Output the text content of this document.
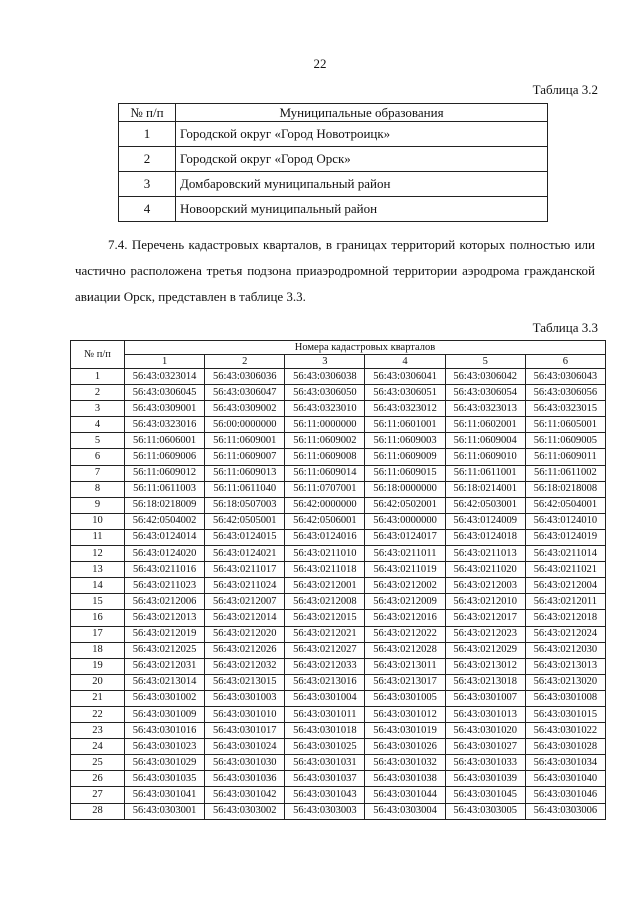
22
Таблица 3.2
№ п/п	Муниципальные образования
1	Городской округ «Город Новотроицк»
2	Городской округ «Город Орск»
3	Домбаровский муниципальный район
4	Новоорский муниципальный район

7.4. Перечень кадастровых кварталов, в границах территорий которых полностью или частично расположена третья подзона приаэродромной территории аэродрома гражданской авиации Орск, представлен в таблице 3.3.

Таблица 3.3
№ п/п	Номера кадастровых кварталов					
	1	2	3	4	5	6
1	56:43:0323014	56:43:0306036	56:43:0306038	56:43:0306041	56:43:0306042	56:43:0306043
2	56:43:0306045	56:43:0306047	56:43:0306050	56:43:0306051	56:43:0306054	56:43:0306056
3	56:43:0309001	56:43:0309002	56:43:0323010	56:43:0323012	56:43:0323013	56:43:0323015
4	56:43:0323016	56:00:0000000	56:11:0000000	56:11:0601001	56:11:0602001	56:11:0605001
5	56:11:0606001	56:11:0609001	56:11:0609002	56:11:0609003	56:11:0609004	56:11:0609005
6	56:11:0609006	56:11:0609007	56:11:0609008	56:11:0609009	56:11:0609010	56:11:0609011
7	56:11:0609012	56:11:0609013	56:11:0609014	56:11:0609015	56:11:0611001	56:11:0611002
8	56:11:0611003	56:11:0611040	56:11:0707001	56:18:0000000	56:18:0214001	56:18:0218008
9	56:18:0218009	56:18:0507003	56:42:0000000	56:42:0502001	56:42:0503001	56:42:0504001
10	56:42:0504002	56:42:0505001	56:42:0506001	56:43:0000000	56:43:0124009	56:43:0124010
11	56:43:0124014	56:43:0124015	56:43:0124016	56:43:0124017	56:43:0124018	56:43:0124019
12	56:43:0124020	56:43:0124021	56:43:0211010	56:43:0211011	56:43:0211013	56:43:0211014
13	56:43:0211016	56:43:0211017	56:43:0211018	56:43:0211019	56:43:0211020	56:43:0211021
14	56:43:0211023	56:43:0211024	56:43:0212001	56:43:0212002	56:43:0212003	56:43:0212004
15	56:43:0212006	56:43:0212007	56:43:0212008	56:43:0212009	56:43:0212010	56:43:0212011
16	56:43:0212013	56:43:0212014	56:43:0212015	56:43:0212016	56:43:0212017	56:43:0212018
17	56:43:0212019	56:43:0212020	56:43:0212021	56:43:0212022	56:43:0212023	56:43:0212024
18	56:43:0212025	56:43:0212026	56:43:0212027	56:43:0212028	56:43:0212029	56:43:0212030
19	56:43:0212031	56:43:0212032	56:43:0212033	56:43:0213011	56:43:0213012	56:43:0213013
20	56:43:0213014	56:43:0213015	56:43:0213016	56:43:0213017	56:43:0213018	56:43:0213020
21	56:43:0301002	56:43:0301003	56:43:0301004	56:43:0301005	56:43:0301007	56:43:0301008
22	56:43:0301009	56:43:0301010	56:43:0301011	56:43:0301012	56:43:0301013	56:43:0301015
23	56:43:0301016	56:43:0301017	56:43:0301018	56:43:0301019	56:43:0301020	56:43:0301022
24	56:43:0301023	56:43:0301024	56:43:0301025	56:43:0301026	56:43:0301027	56:43:0301028
25	56:43:0301029	56:43:0301030	56:43:0301031	56:43:0301032	56:43:0301033	56:43:0301034
26	56:43:0301035	56:43:0301036	56:43:0301037	56:43:0301038	56:43:0301039	56:43:0301040
27	56:43:0301041	56:43:0301042	56:43:0301043	56:43:0301044	56:43:0301045	56:43:0301046
28	56:43:0303001	56:43:0303002	56:43:0303003	56:43:0303004	56:43:0303005	56:43:0303006
